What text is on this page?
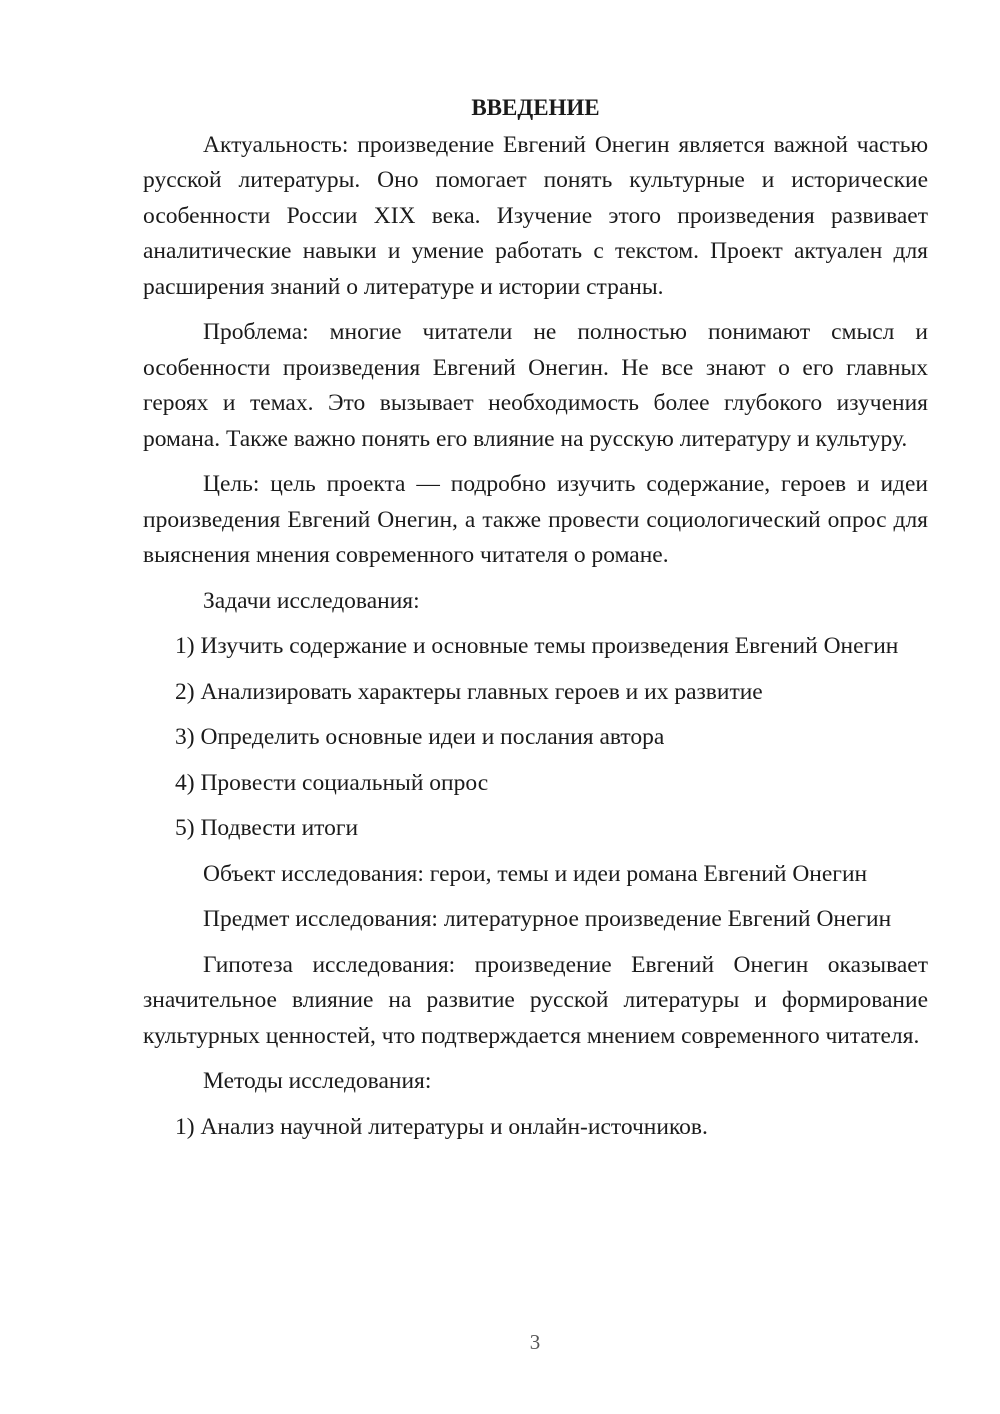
ВВЕДЕНИЕ

Актуальность: произведение Евгений Онегин является важной частью русской литературы. Оно помогает понять культурные и исторические особенности России XIX века. Изучение этого произведения развивает аналитические навыки и умение работать с текстом. Проект актуален для расширения знаний о литературе и истории страны.

Проблема: многие читатели не полностью понимают смысл и особенности произведения Евгений Онегин. Не все знают о его главных героях и темах. Это вызывает необходимость более глубокого изучения романа. Также важно понять его влияние на русскую литературу и культуру.

Цель: цель проекта — подробно изучить содержание, героев и идеи произведения Евгений Онегин, а также провести социологический опрос для выяснения мнения современного читателя о романе.

Задачи исследования:

1) Изучить содержание и основные темы произведения Евгений Онегин

2) Анализировать характеры главных героев и их развитие

3) Определить основные идеи и послания автора

4) Провести социальный опрос

5) Подвести итоги

Объект исследования: герои, темы и идеи романа Евгений Онегин

Предмет исследования: литературное произведение Евгений Онегин

Гипотеза исследования: произведение Евгений Онегин оказывает значительное влияние на развитие русской литературы и формирование культурных ценностей, что подтверждается мнением современного читателя.

Методы исследования:

1) Анализ научной литературы и онлайн-источников.

3
